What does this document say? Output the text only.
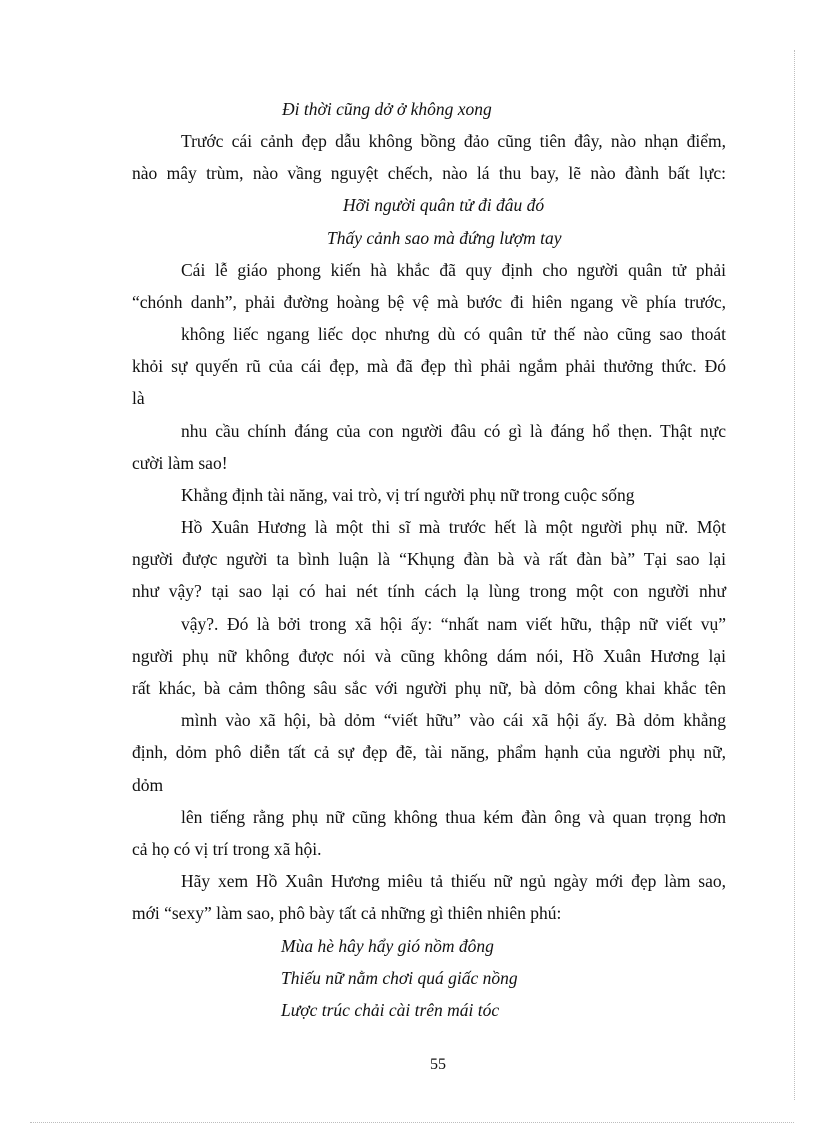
Đi thời cũng dở ở không xong
Trước cái cảnh đẹp dẫu không bồng đảo cũng tiên đây, nào nhạn điểm,
nào mây trùm, nào vầng nguyệt chếch, nào lá thu bay, lẽ nào đành bất lực:
Hỡi người quân tử đi đâu đó
Thấy cảnh sao mà đứng lượm tay
Cái lễ giáo phong kiến hà khắc đã quy định cho người quân tử phải
“chónh danh”, phải đường hoàng bệ vệ mà bước đi hiên ngang về phía trước,
không liếc ngang liếc dọc nhưng dù có quân tử thế nào cũng sao thoát
khỏi sự quyến rũ của cái đẹp, mà đã đẹp thì phải ngắm phải thưởng thức. Đó
là
nhu cầu chính đáng của con người đâu có gì là đáng hổ thẹn. Thật nực
cười làm sao!
Khẳng định tài năng, vai trò, vị trí người phụ nữ trong cuộc sống
Hồ Xuân Hương là một thi sĩ mà trước hết là một người phụ nữ. Một
người được người ta bình luận là “Khụng đàn bà và rất đàn bà” Tại sao lại
như vậy? tại sao lại có hai nét tính cách lạ lùng trong một con người như
vậy?. Đó là bởi trong xã hội ấy: “nhất nam viết hữu, thập nữ viết vụ”
người phụ nữ không được nói và cũng không dám nói, Hồ Xuân Hương lại
rất khác, bà cảm thông sâu sắc với người phụ nữ, bà dỏm công khai khắc tên
mình vào xã hội, bà dỏm “viết hữu” vào cái xã hội ấy. Bà dỏm khẳng
định, dỏm phô diễn tất cả sự đẹp đẽ, tài năng, phẩm hạnh của người phụ nữ,
dỏm
lên tiếng rằng phụ nữ cũng không thua kém đàn ông và quan trọng hơn
cả họ có vị trí trong xã hội.
Hãy xem Hồ Xuân Hương miêu tả thiếu nữ ngủ ngày mới đẹp làm sao,
mới “sexy” làm sao, phô bày tất cả những gì thiên nhiên phú:
Mùa hè hây hẩy gió nồm đông
Thiếu nữ nằm chơi quá giấc nồng
Lược trúc chải cài trên mái tóc
55
